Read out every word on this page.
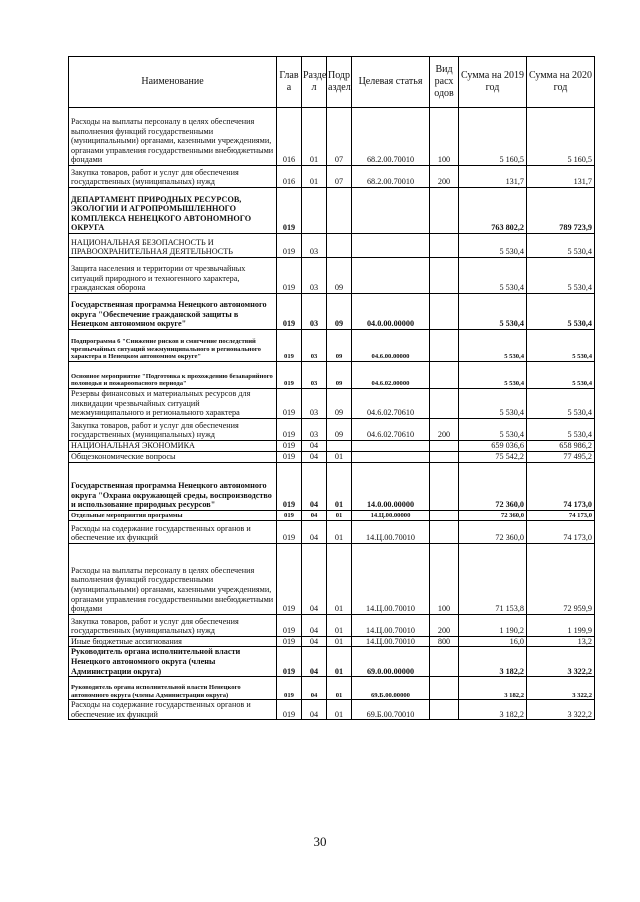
Наименование	Глав а	Разде л	Подр аздел	Целевая статья	Вид расх одов	Сумма на 2019 год	Сумма на 2020 год
Расходы на выплаты персоналу в целях обеспечения выполнения функций государственными (муниципальными) органами, казенными учреждениями, органами управления государственными внебюджетными фондами	016	01	07	68.2.00.70010	100	5 160,5	5 160,5
Закупка товаров, работ и услуг для обеспечения государственных (муниципальных) нужд	016	01	07	68.2.00.70010	200	131,7	131,7
ДЕПАРТАМЕНТ ПРИРОДНЫХ РЕСУРСОВ, ЭКОЛОГИИ И АГРОПРОМЫШЛЕННОГО КОМПЛЕКСА НЕНЕЦКОГО АВТОНОМНОГО ОКРУГА	019					763 802,2	789 723,9
НАЦИОНАЛЬНАЯ БЕЗОПАСНОСТЬ И ПРАВООХРАНИТЕЛЬНАЯ ДЕЯТЕЛЬНОСТЬ	019	03				5 530,4	5 530,4
Защита населения и территории от чрезвычайных ситуаций природного и техногенного характера, гражданская оборона	019	03	09			5 530,4	5 530,4
Государственная программа Ненецкого автономного округа "Обеспечение гражданской защиты в Ненецком автономном округе"	019	03	09	04.0.00.00000		5 530,4	5 530,4
Подпрограмма 6 "Снижение рисков и смягчение последствий чрезвычайных ситуаций межмуниципального и регионального характера в Ненецком автономном округе"	019	03	09	04.6.00.00000		5 530,4	5 530,4
Основное мероприятие "Подготовка к прохождению безаварийного половодья и пожароопасного периода"	019	03	09	04.6.02.00000		5 530,4	5 530,4
Резервы финансовых и материальных ресурсов для ликвидации чрезвычайных ситуаций межмуниципального и регионального характера	019	03	09	04.6.02.70610		5 530,4	5 530,4
Закупка товаров, работ и услуг для обеспечения государственных (муниципальных) нужд	019	03	09	04.6.02.70610	200	5 530,4	5 530,4
НАЦИОНАЛЬНАЯ ЭКОНОМИКА	019	04				659 036,6	658 986,2
Общеэкономические вопросы	019	04	01			75 542,2	77 495,2
Государственная программа Ненецкого автономного округа "Охрана окружающей среды, воспроизводство и использование природных ресурсов"	019	04	01	14.0.00.00000		72 360,0	74 173,0
Отдельные мероприятия программы	019	04	01	14.Ц.00.00000		72 360,0	74 173,0
Расходы на содержание государственных органов и обеспечение их функций	019	04	01	14.Ц.00.70010		72 360,0	74 173,0
Расходы на выплаты персоналу в целях обеспечения выполнения функций государственными (муниципальными) органами, казенными учреждениями, органами управления государственными внебюджетными фондами	019	04	01	14.Ц.00.70010	100	71 153,8	72 959,9
Закупка товаров, работ и услуг для обеспечения государственных (муниципальных) нужд	019	04	01	14.Ц.00.70010	200	1 190,2	1 199,9
Иные бюджетные ассигнования	019	04	01	14.Ц.00.70010	800	16,0	13,2
Руководитель органа исполнительной власти Ненецкого автономного округа (члены Администрации округа)	019	04	01	69.0.00.00000		3 182,2	3 322,2
Руководитель органа исполнительной власти Ненецкого автономного округа (члены Администрации округа)	019	04	01	69.Б.00.00000		3 182,2	3 322,2
Расходы на содержание государственных органов и обеспечение их функций	019	04	01	69.Б.00.70010		3 182,2	3 322,2
30
